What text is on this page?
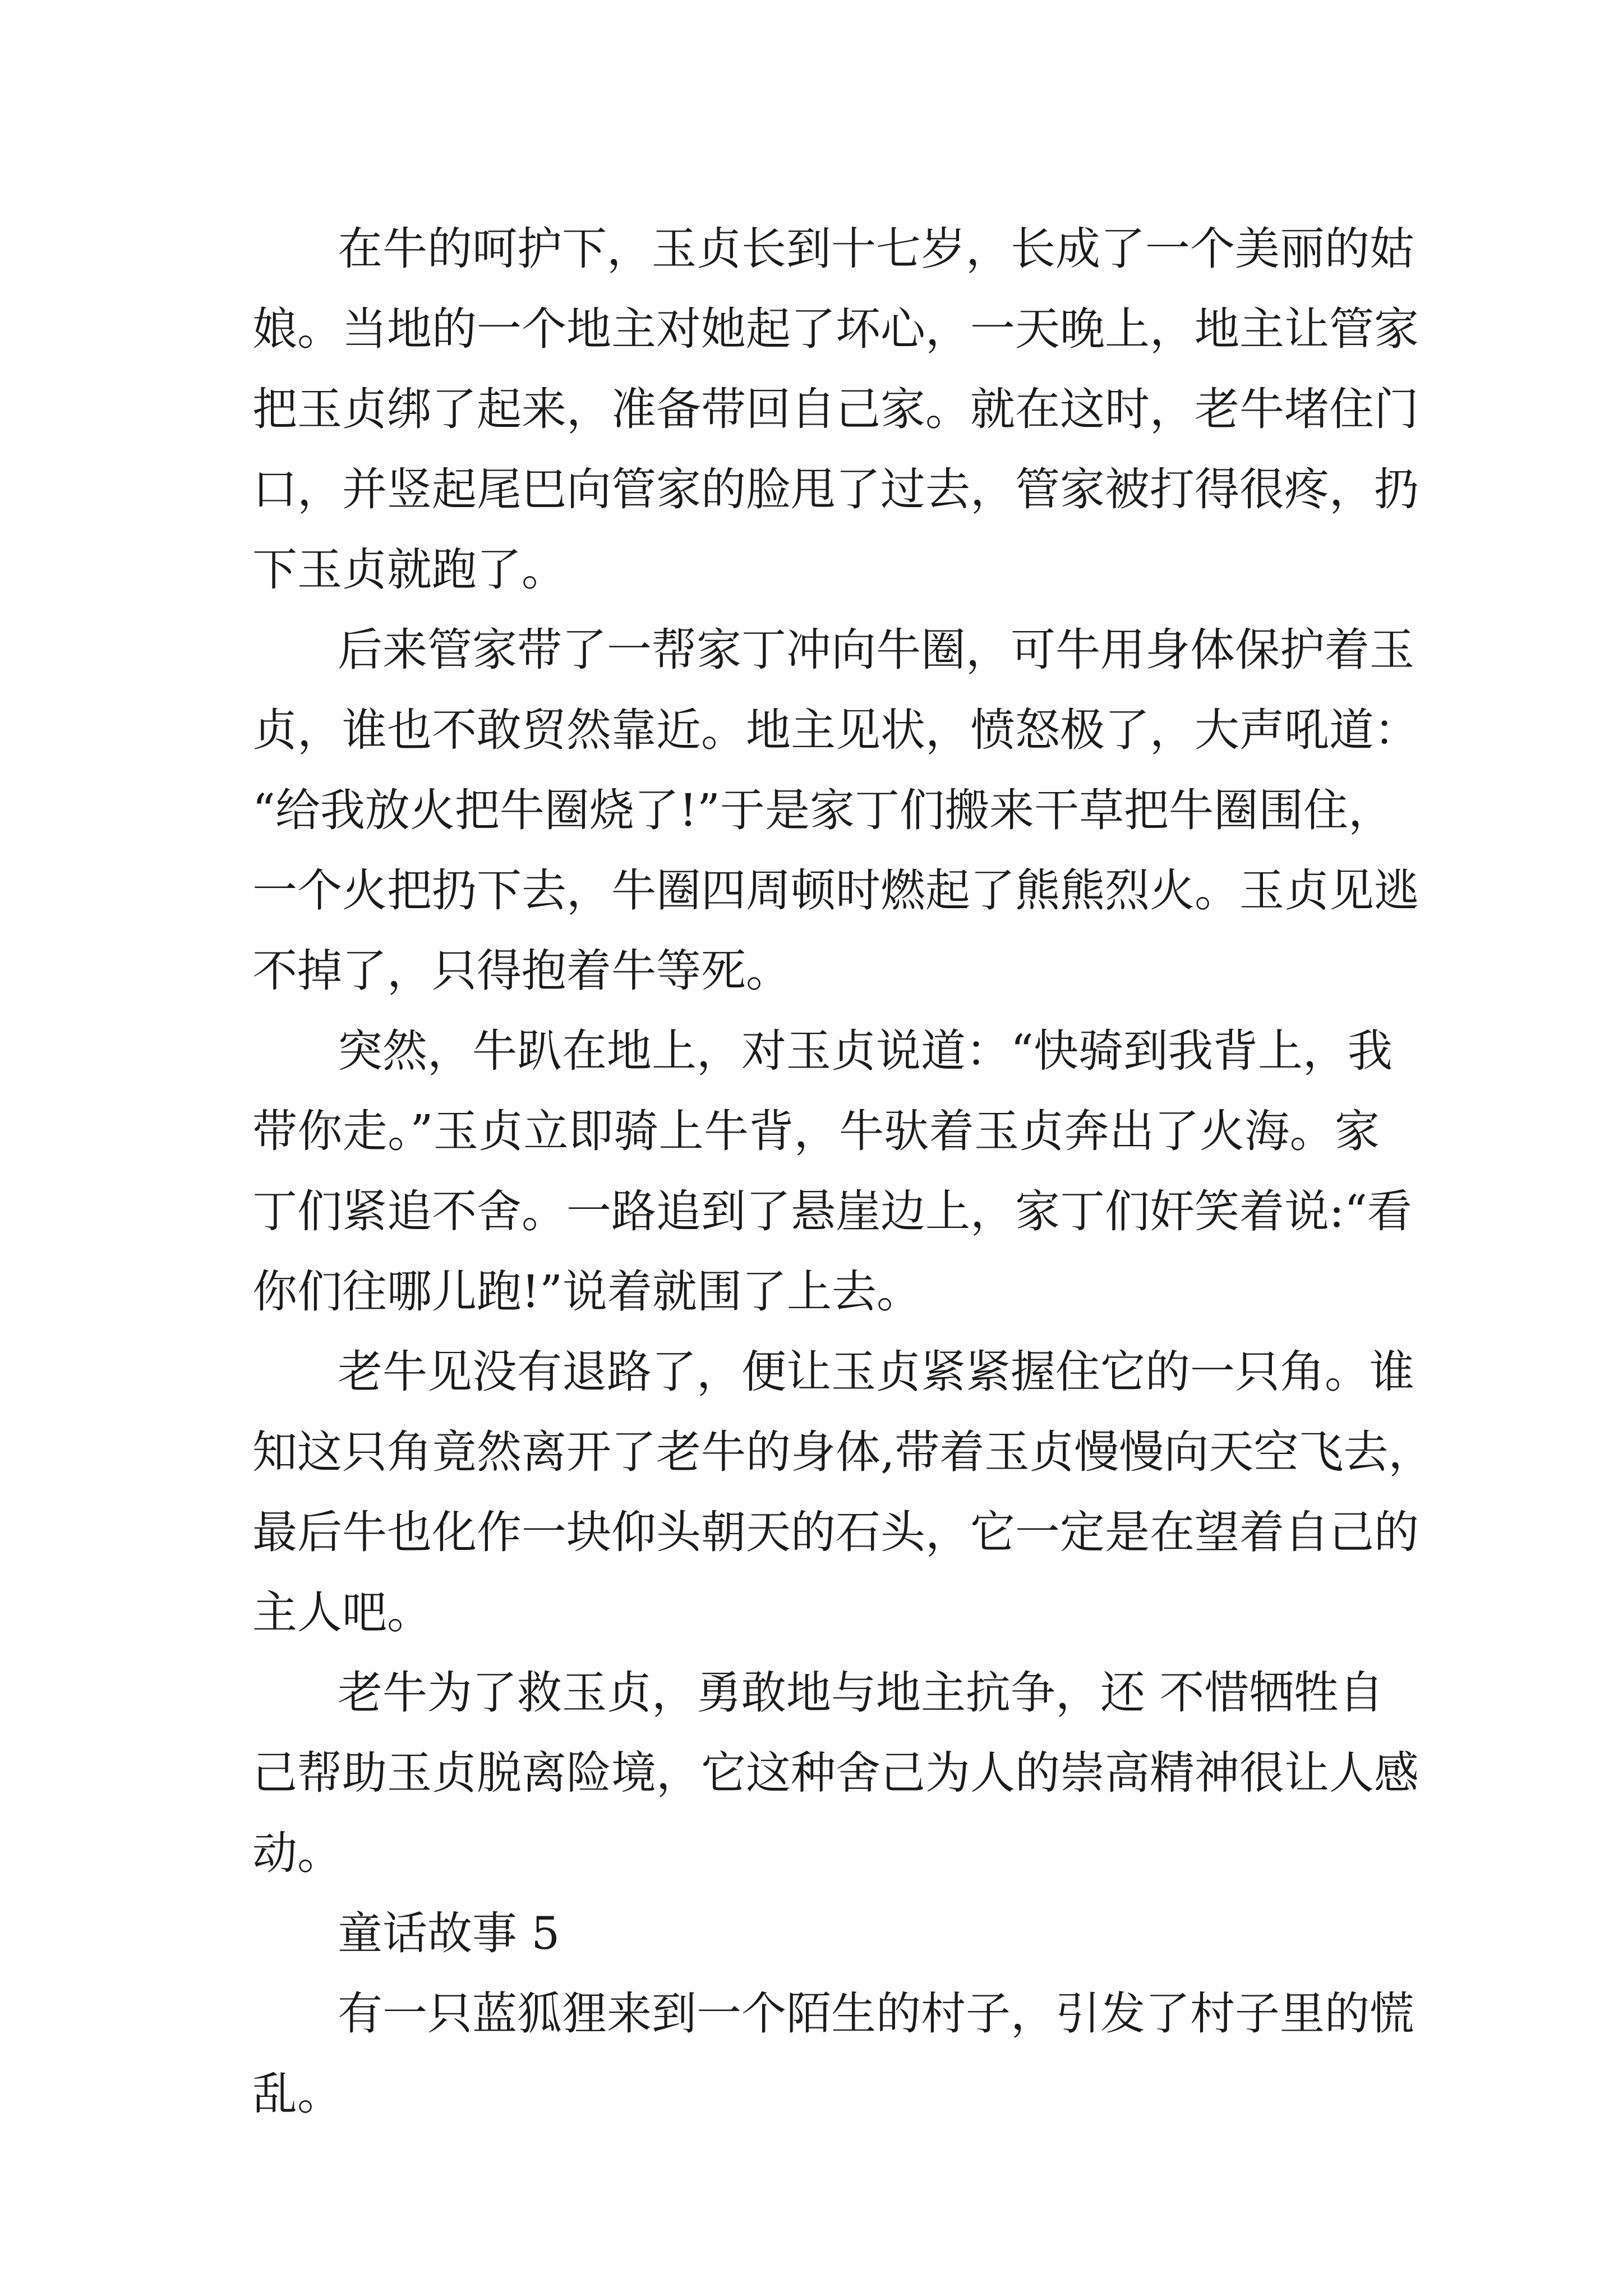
在牛的呵护下，玉贞长到十七岁，长成了一个美丽的姑
娘。当地的一个地主对她起了坏心，一天晚上，地主让管家
把玉贞绑了起来，准备带回自己家。就在这时，老牛堵住门
口，并竖起尾巴向管家的脸甩了过去，管家被打得很疼，扔
下玉贞就跑了。
后来管家带了一帮家丁冲向牛圈，可牛用身体保护着玉
贞，谁也不敢贸然靠近。地主见状，愤怒极了，大声吼道：
“给我放火把牛圈烧了!”于是家丁们搬来干草把牛圈围住，
一个火把扔下去，牛圈四周顿时燃起了熊熊烈火。玉贞见逃
不掉了，只得抱着牛等死。
突然，牛趴在地上，对玉贞说道：“快骑到我背上，我
带你走。”玉贞立即骑上牛背，牛驮着玉贞奔出了火海。家
丁们紧追不舍。一路追到了悬崖边上，家丁们奸笑着说:“看
你们往哪儿跑!”说着就围了上去。
老牛见没有退路了，便让玉贞紧紧握住它的一只角。谁
知这只角竟然离开了老牛的身体,带着玉贞慢慢向天空飞去，
最后牛也化作一块仰头朝天的石头，它一定是在望着自己的
主人吧。
老牛为了救玉贞，勇敢地与地主抗争，还 不惜牺牲自
己帮助玉贞脱离险境，它这种舍己为人的崇高精神很让人感
动。
童话故事 5
有一只蓝狐狸来到一个陌生的村子，引发了村子里的慌
乱。
